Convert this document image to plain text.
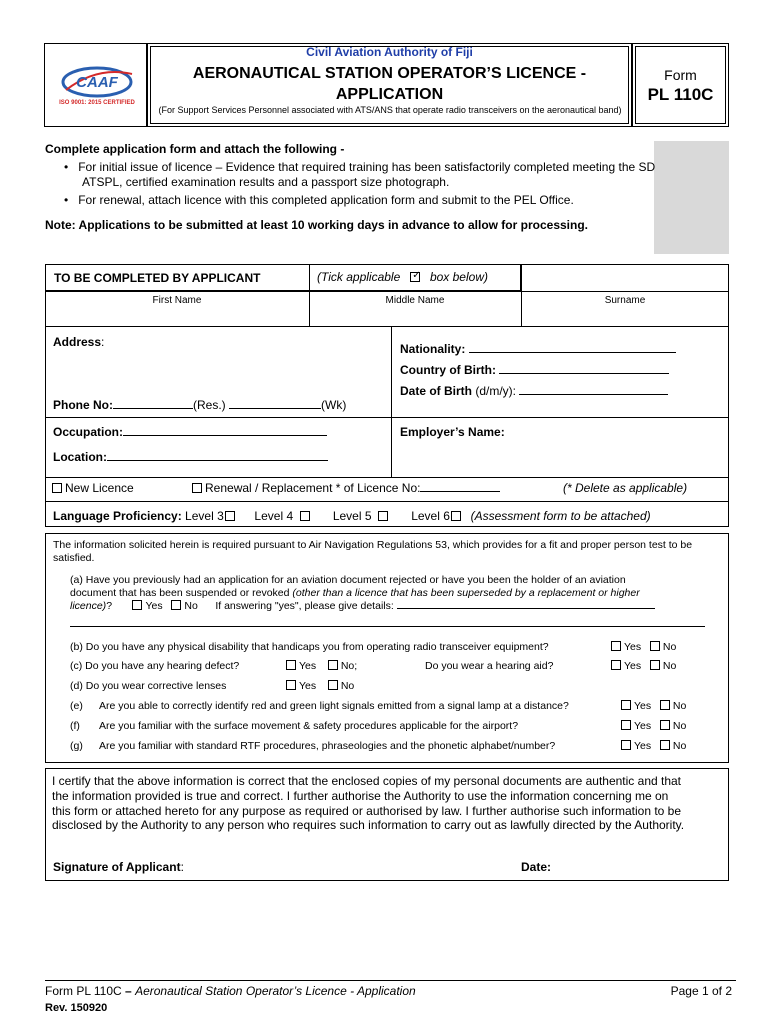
CAAF
ISO 9001: 2015 CERTIFIED
Civil Aviation Authority of Fiji
AERONAUTICAL STATION OPERATOR’S LICENCE -
APPLICATION
(For Support Services Personnel associated with ATS/ANS that operate radio transceivers on the aeronautical band)
Form
PL 110C
Complete application form and attach the following -
•   For initial issue of licence – Evidence that required training has been satisfactorily completed meeting the SD
ATSPL, certified examination results and a passport size photograph.
•   For renewal, attach licence with this completed application form and submit to the PEL Office.
Note: Applications to be submitted at least 10 working days in advance to allow for processing.
TO BE COMPLETED BY APPLICANT	(Tick applicable ✓ box below)
First Name	Middle Name	Surname
Address:	Nationality:
Country of Birth:
Date of Birth (d/m/y):
Phone No:	(Res.)	(Wk)
Occupation:	Employer’s Name:
Location:
New Licence	Renewal / Replacement * of Licence No:	(* Delete as applicable)
Language Proficiency: Level 3	Level 4	Level 5	Level 6 (Assessment form to be attached)
The information solicited herein is required pursuant to Air Navigation Regulations 53, which provides for a fit and proper person test to be satisfied.
(a) Have you previously had an application for an aviation document rejected or have you been the holder of an aviation
document that has been suspended or revoked (other than a licence that has been superseded by a replacement or higher
licence)?	Yes No If answering "yes", please give details:
(b) Do you have any physical disability that handicaps you from operating radio transceiver equipment?	Yes No
(c) Do you have any hearing defect?	Yes No;	Do you wear a hearing aid?	Yes No
(d) Do you wear corrective lenses	Yes No
(e) Are you able to correctly identify red and green light signals emitted from a signal lamp at a distance?	Yes No
(f) Are you familiar with the surface movement & safety procedures applicable for the airport?	Yes No
(g) Are you familiar with standard RTF procedures, phraseologies and the phonetic alphabet/number?	Yes No
I certify that the above information is correct that the enclosed copies of my personal documents are authentic and that
the information provided is true and correct. I further authorise the Authority to use the information concerning me on
this form or attached hereto for any purpose as required or authorised by law. I further authorise such information to be
disclosed by the Authority to any person who requires such information to carry out as lawfully directed by the Authority.
Signature of Applicant:	Date:
Form PL 110C – Aeronautical Station Operator’s Licence - Application	Page 1 of 2
Rev. 150920
